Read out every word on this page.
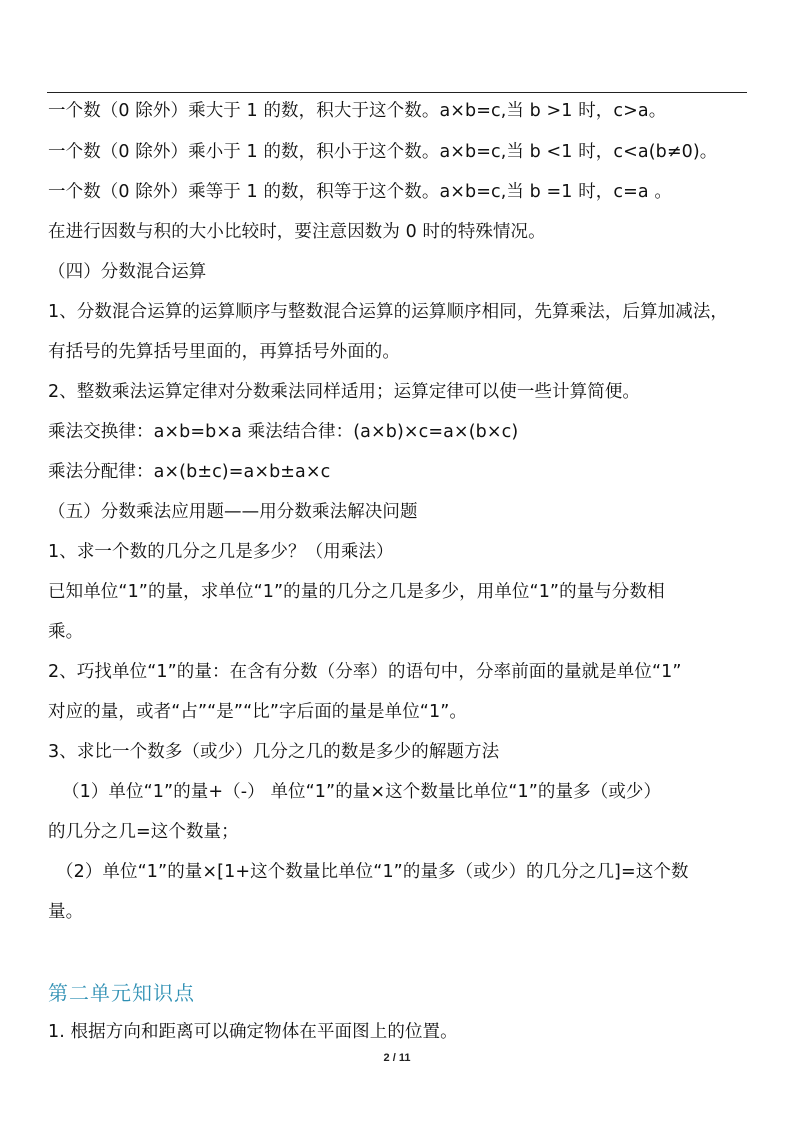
一个数（0 除外）乘大于 1 的数，积大于这个数。a×b=c,当 b >1 时，c>a。
一个数（0 除外）乘小于 1 的数，积小于这个数。a×b=c,当 b <1 时，c<a(b≠0)。
一个数（0 除外）乘等于 1 的数，积等于这个数。a×b=c,当 b =1 时，c=a 。
在进行因数与积的大小比较时，要注意因数为 0 时的特殊情况。
（四）分数混合运算
1、分数混合运算的运算顺序与整数混合运算的运算顺序相同，先算乘法，后算加减法，
有括号的先算括号里面的，再算括号外面的。
2、整数乘法运算定律对分数乘法同样适用；运算定律可以使一些计算简便。
乘法交换律：a×b=b×a 乘法结合律：(a×b)×c=a×(b×c)
乘法分配律：a×(b±c)=a×b±a×c
（五）分数乘法应用题——用分数乘法解决问题
1、求一个数的几分之几是多少？（用乘法）
已知单位“1”的量，求单位“1”的量的几分之几是多少，用单位“1”的量与分数相
乘。
2、巧找单位“1”的量：在含有分数（分率）的语句中，分率前面的量就是单位“1”
对应的量，或者“占”“是”“比”字后面的量是单位“1”。
3、求比一个数多（或少）几分之几的数是多少的解题方法
（1）单位“1”的量+（-） 单位“1”的量×这个数量比单位“1”的量多（或少）
的几分之几=这个数量；
（2）单位“1”的量×[1+这个数量比单位“1”的量多（或少）的几分之几]=这个数
量。
第二单元知识点
1. 根据方向和距离可以确定物体在平面图上的位置。
2 / 11
